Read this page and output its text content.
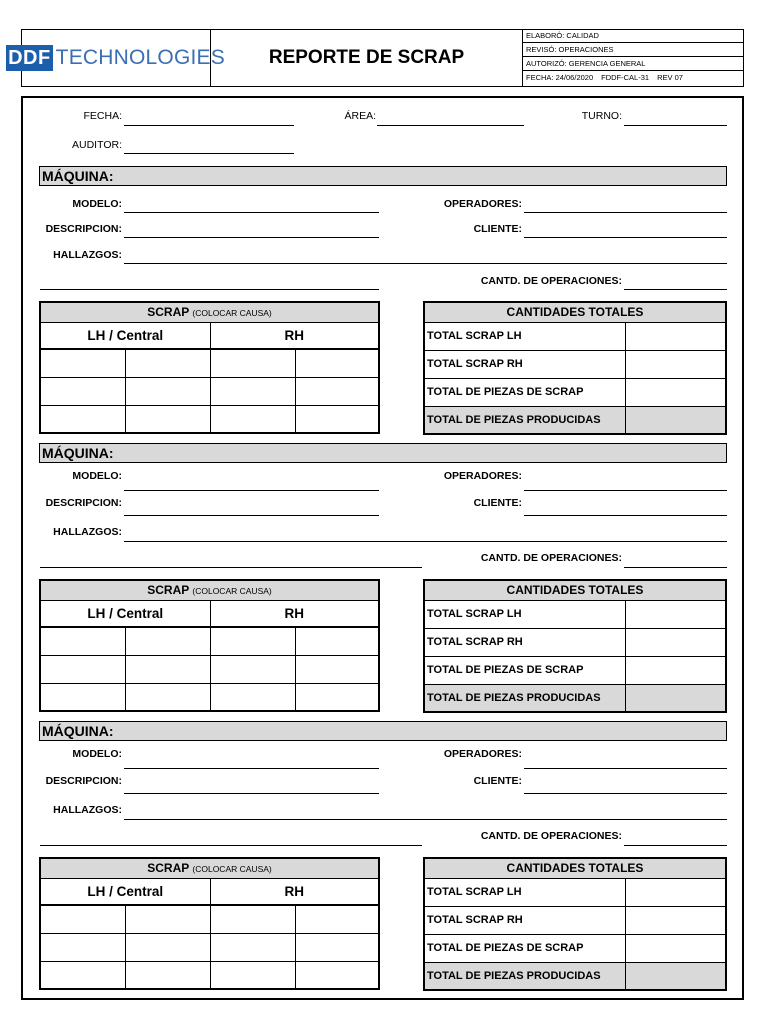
DDF TECHNOLOGIES	REPORTE DE SCRAP
ELABORÓ: CALIDAD
REVISÓ: OPERACIONES
AUTORIZÓ: GERENCIA GENERAL
FECHA: 24/06/2020 FDDF-CAL-31 REV 07
FECHA:	ÁREA:	TURNO:
AUDITOR:
MÁQUINA:
MODELO:	OPERADORES:
DESCRIPCION:	CLIENTE:
HALLAZGOS:
CANTD. DE OPERACIONES:
SCRAP (COLOCAR CAUSA)			
LH / Central		RH	

CANTIDADES TOTALES	
TOTAL SCRAP LH	
TOTAL SCRAP RH	
TOTAL DE PIEZAS DE SCRAP	
TOTAL DE PIEZAS PRODUCIDAS	
MÁQUINA:
MODELO:	OPERADORES:
DESCRIPCION:	CLIENTE:
HALLAZGOS:
CANTD. DE OPERACIONES:
SCRAP (COLOCAR CAUSA)			
LH / Central		RH	

CANTIDADES TOTALES	
TOTAL SCRAP LH	
TOTAL SCRAP RH	
TOTAL DE PIEZAS DE SCRAP	
TOTAL DE PIEZAS PRODUCIDAS	
MÁQUINA:
MODELO:	OPERADORES:
DESCRIPCION:	CLIENTE:
HALLAZGOS:
CANTD. DE OPERACIONES:
SCRAP (COLOCAR CAUSA)			
LH / Central		RH	

CANTIDADES TOTALES	
TOTAL SCRAP LH	
TOTAL SCRAP RH	
TOTAL DE PIEZAS DE SCRAP	
TOTAL DE PIEZAS PRODUCIDAS	
